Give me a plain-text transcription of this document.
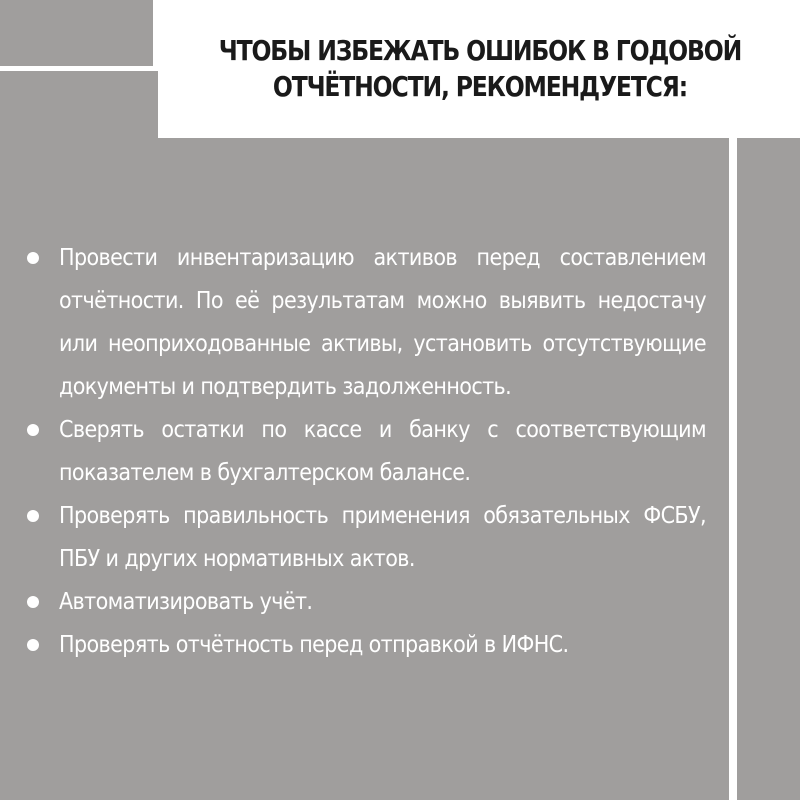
ЧТОБЫ ИЗБЕЖАТЬ ОШИБОК В ГОДОВОЙ
ОТЧЁТНОСТИ, РЕКОМЕНДУЕТСЯ:
Провести инвентаризацию активов перед составлением отчётности. По её результатам можно выявить недостачу или неоприходованные активы, установить отсутствующие документы и подтвердить задолженность.
Сверять остатки по кассе и банку с соответствующим показателем в бухгалтерском балансе.
Проверять правильность применения обязательных ФСБУ, ПБУ и других нормативных актов.
Автоматизировать учёт.
Проверять отчётность перед отправкой в ИФНС.
